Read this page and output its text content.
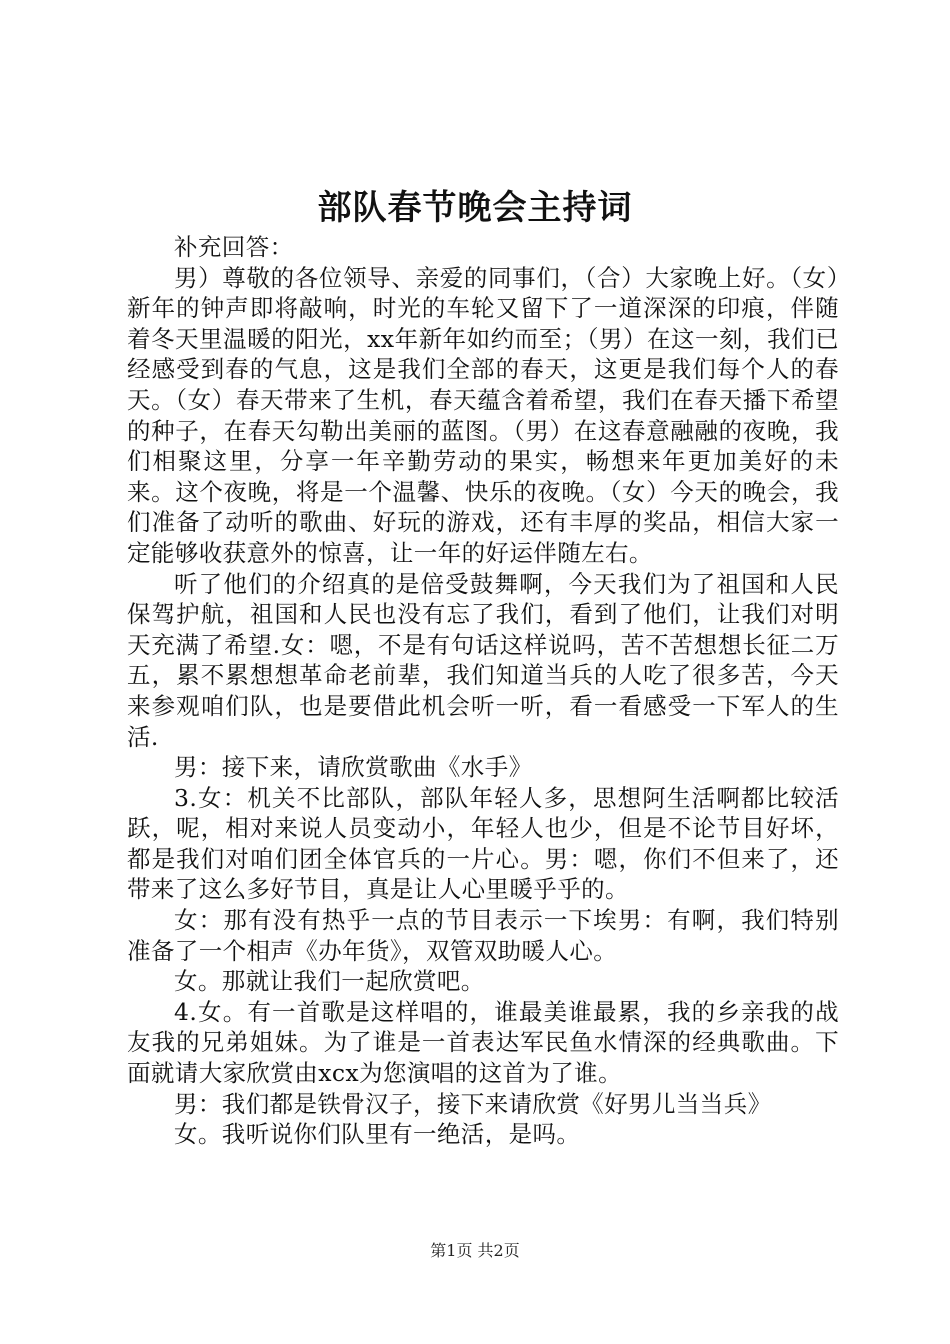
部队春节晚会主持词

补充回答：

男）尊敬的各位领导、亲爱的同事们，（合）大家晚上好。（女）新年的钟声即将敲响，时光的车轮又留下了一道深深的印痕，伴随着冬天里温暖的阳光，xx年新年如约而至；（男）在这一刻，我们已经感受到春的气息，这是我们全部的春天，这更是我们每个人的春天。（女）春天带来了生机，春天蕴含着希望，我们在春天播下希望的种子，在春天勾勒出美丽的蓝图。（男）在这春意融融的夜晚，我们相聚这里，分享一年辛勤劳动的果实，畅想来年更加美好的未来。这个夜晚，将是一个温馨、快乐的夜晚。（女）今天的晚会，我们准备了动听的歌曲、好玩的游戏，还有丰厚的奖品，相信大家一定能够收获意外的惊喜，让一年的好运伴随左右。

听了他们的介绍真的是倍受鼓舞啊，今天我们为了祖国和人民保驾护航，祖国和人民也没有忘了我们，看到了他们，让我们对明天充满了希望.女：嗯，不是有句话这样说吗，苦不苦想想长征二万五，累不累想想革命老前辈，我们知道当兵的人吃了很多苦，今天来参观咱们队，也是要借此机会听一听，看一看感受一下军人的生活.

男：接下来，请欣赏歌曲《水手》

3.女：机关不比部队，部队年轻人多，思想阿生活啊都比较活跃，呢，相对来说人员变动小，年轻人也少，但是不论节目好坏，都是我们对咱们团全体官兵的一片心。男：嗯，你们不但来了，还带来了这么多好节目，真是让人心里暖乎乎的。

女：那有没有热乎一点的节目表示一下埃男：有啊，我们特别准备了一个相声《办年货》，双管双助暖人心。

女。那就让我们一起欣赏吧。

4.女。有一首歌是这样唱的，谁最美谁最累，我的乡亲我的战友我的兄弟姐妹。为了谁是一首表达军民鱼水情深的经典歌曲。下面就请大家欣赏由xcx为您演唱的这首为了谁。

男：我们都是铁骨汉子，接下来请欣赏《好男儿当当兵》

女。我听说你们队里有一绝活，是吗。

第1页 共2页
